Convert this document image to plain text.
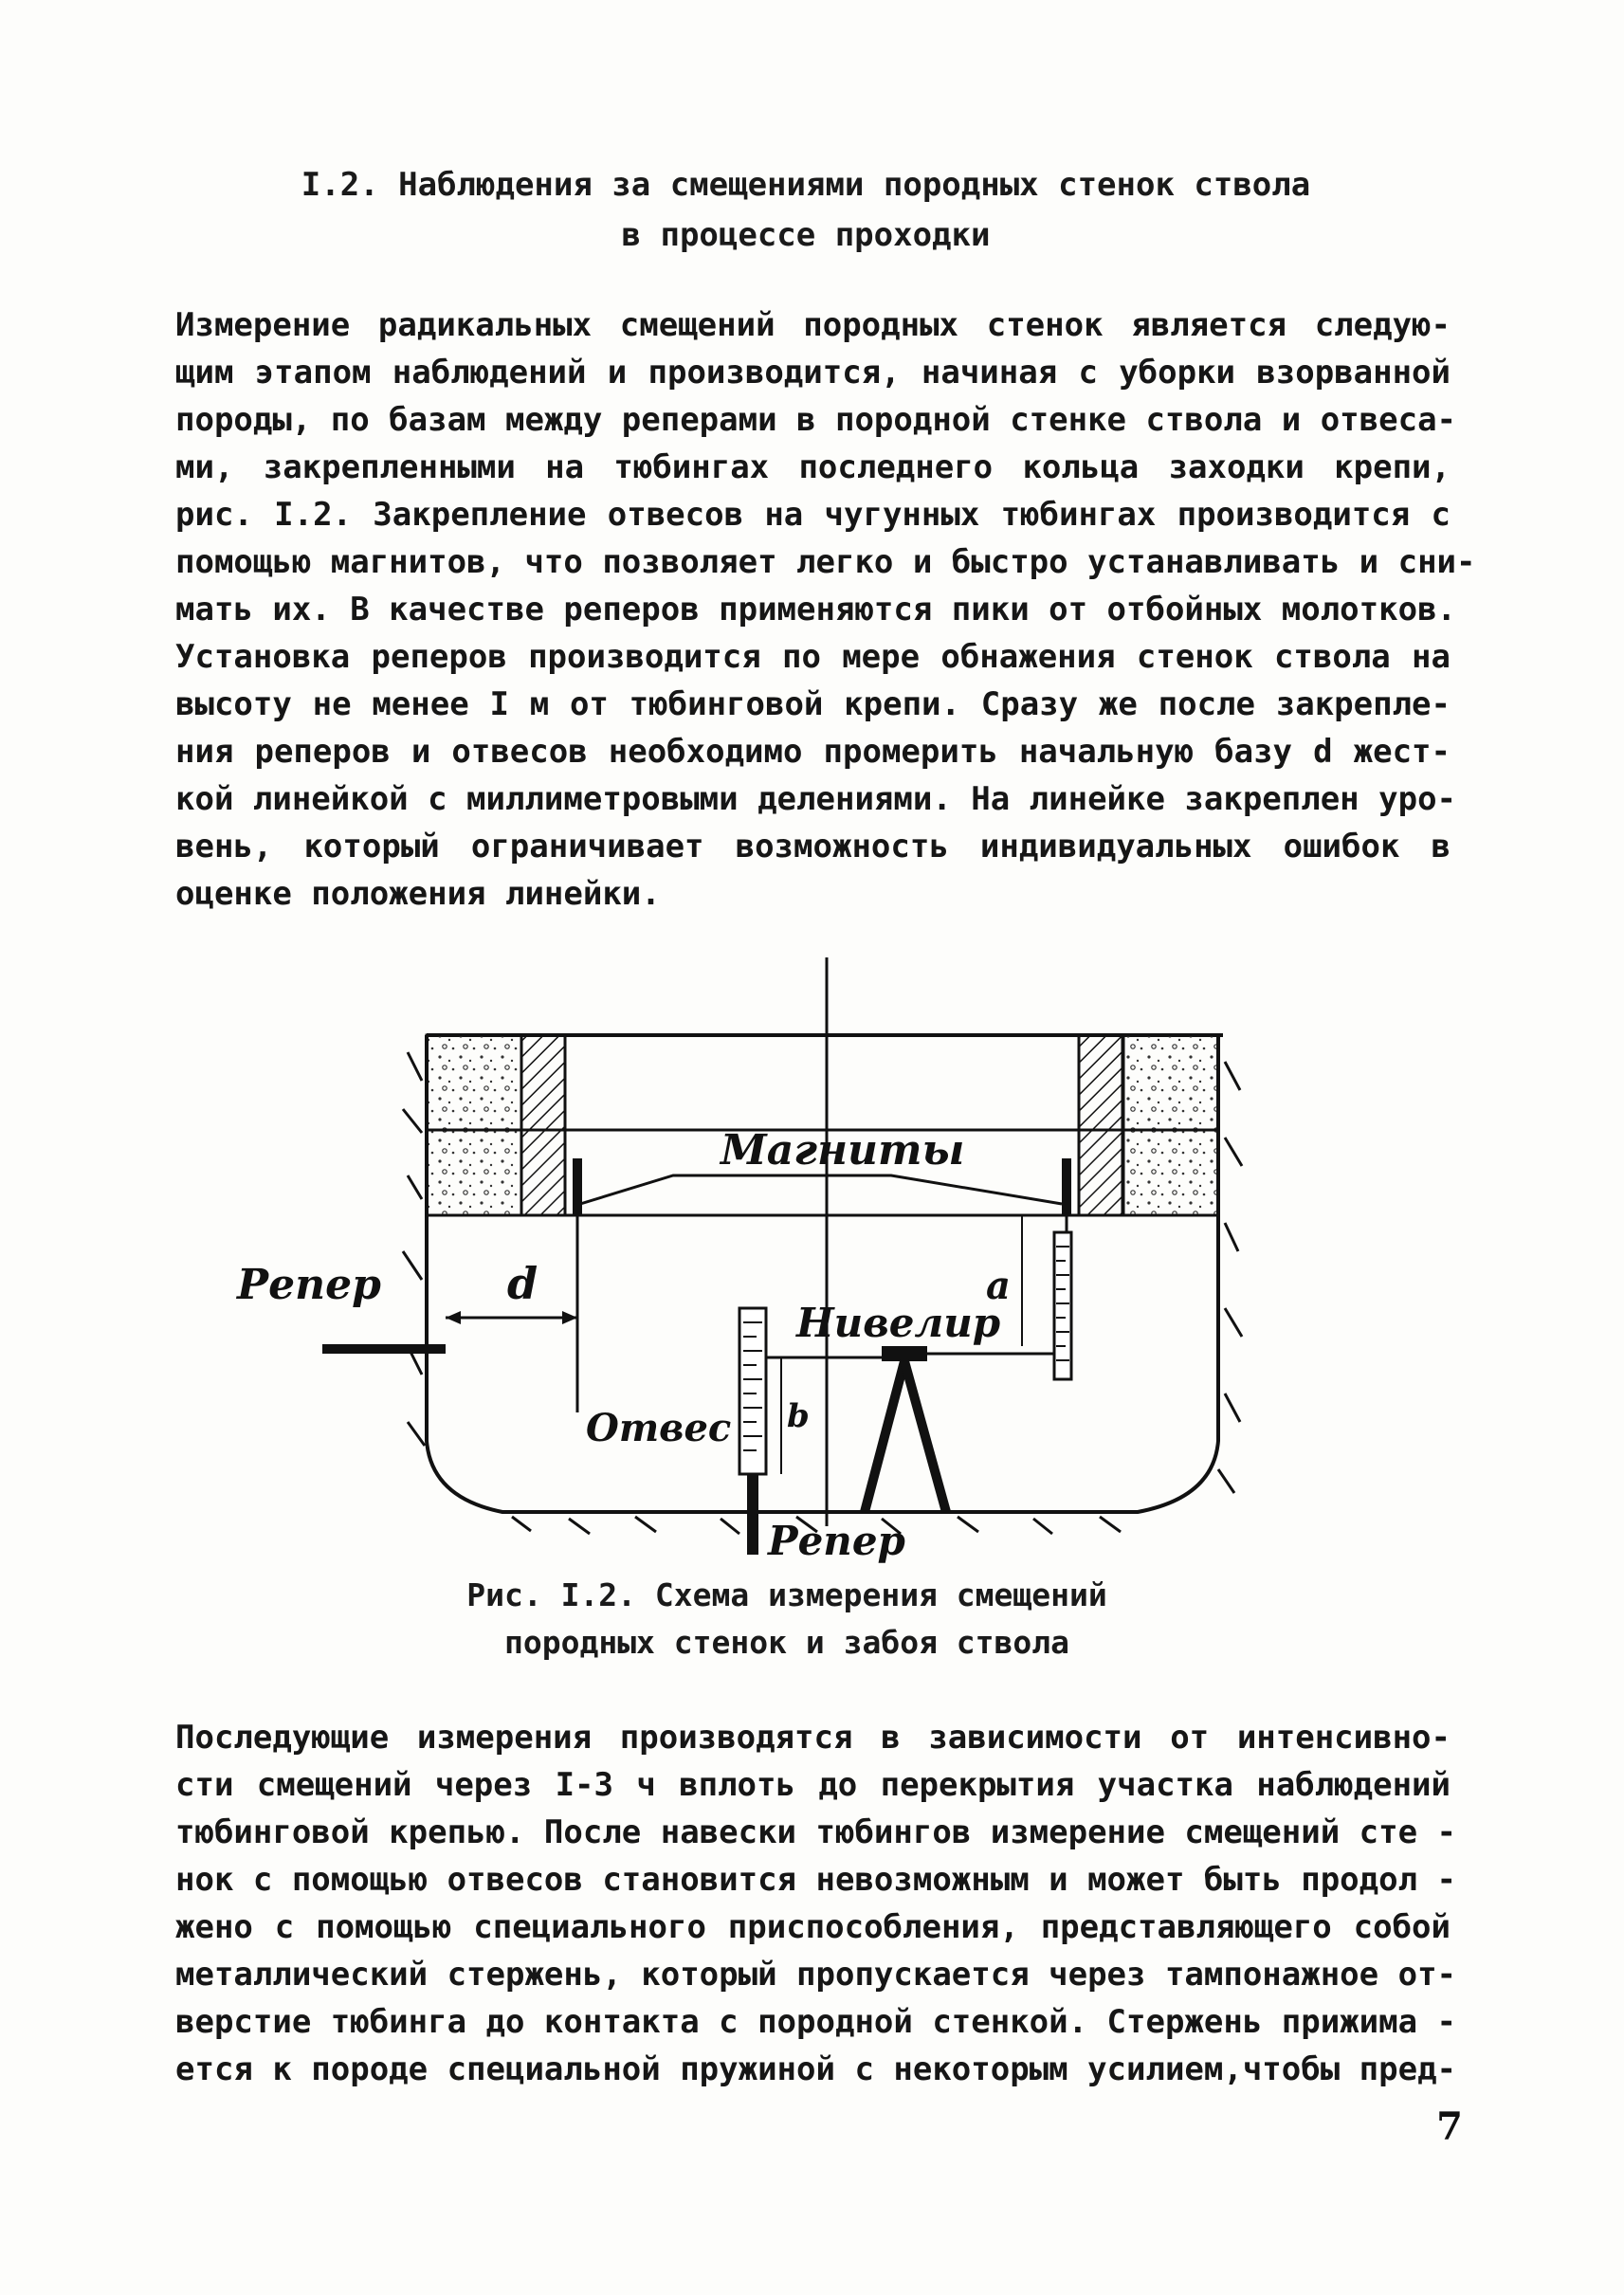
I.2. Наблюдения за смещениями породных стенок ствола
в процессе проходки
Измерение радикальных смещений породных стенок является следую-
щим этапом наблюдений и производится, начиная с уборки взорванной
породы, по базам между реперами в породной стенке ствола и отвеса-
ми, закрепленными на тюбингах последнего кольца заходки крепи,
рис. I.2. Закрепление отвесов на чугунных тюбингах производится с
помощью магнитов, что позволяет легко и быстро устанавливать и сни-
мать их. В качестве реперов применяются пики от отбойных молотков.
Установка реперов производится по мере обнажения стенок ствола на
высоту не менее I м от тюбинговой крепи. Сразу же после закрепле-
ния реперов и отвесов необходимо промерить начальную базу d жест-
кой линейкой с миллиметровыми делениями. На линейке закреплен уро-
вень, который ограничивает возможность индивидуальных ошибок в
оценке положения линейки.
Магниты
Репер	d
Отвес b
Нивелир
a
Репер
Рис. I.2. Схема измерения смещений
породных стенок и забоя ствола
Последующие измерения производятся в зависимости от интенсивно-
сти смещений через I-3 ч вплоть до перекрытия участка наблюдений
тюбинговой крепью. После навески тюбингов измерение смещений сте -
нок с помощью отвесов становится невозможным и может быть продол -
жено с помощью специального приспособления, представляющего собой
металлический стержень, который пропускается через тампонажное от-
верстие тюбинга до контакта с породной стенкой. Стержень прижима -
ется к породе специальной пружиной с некоторым усилием,чтобы пред-
7
